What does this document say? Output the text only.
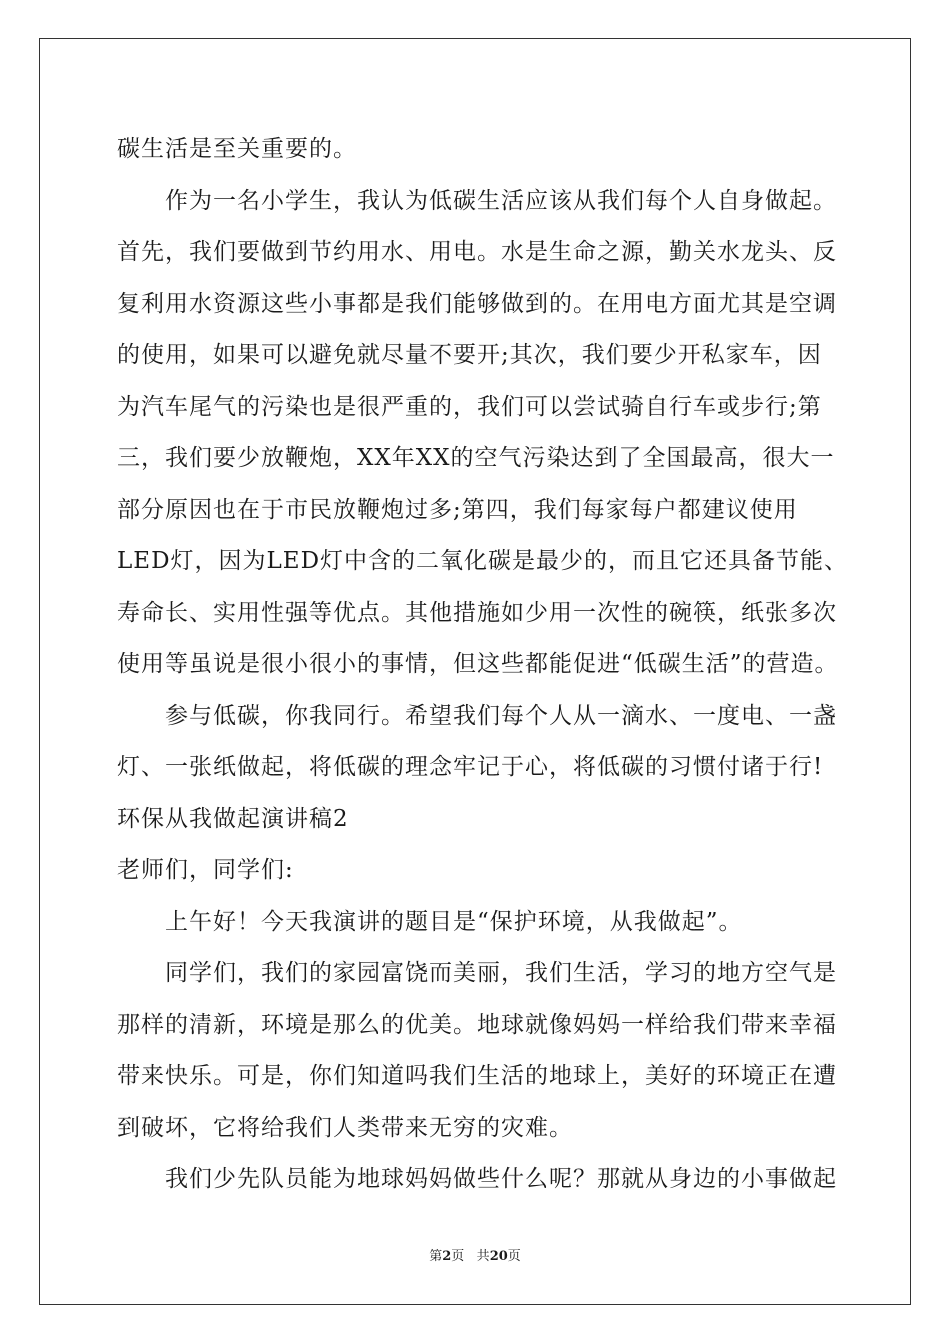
碳生活是至关重要的。
作为一名小学生，我认为低碳生活应该从我们每个人自身做起。
首先，我们要做到节约用水、用电。水是生命之源，勤关水龙头、反
复利用水资源这些小事都是我们能够做到的。在用电方面尤其是空调
的使用，如果可以避免就尽量不要开;其次，我们要少开私家车，因
为汽车尾气的污染也是很严重的，我们可以尝试骑自行车或步行;第
三，我们要少放鞭炮，XX年XX的空气污染达到了全国最高，很大一
部分原因也在于市民放鞭炮过多;第四，我们每家每户都建议使用
LED灯，因为LED灯中含的二氧化碳是最少的，而且它还具备节能、
寿命长、实用性强等优点。其他措施如少用一次性的碗筷，纸张多次
使用等虽说是很小很小的事情，但这些都能促进“低碳生活”的营造。
参与低碳，你我同行。希望我们每个人从一滴水、一度电、一盏
灯、一张纸做起，将低碳的理念牢记于心，将低碳的习惯付诸于行!
环保从我做起演讲稿2
老师们，同学们:
上午好！今天我演讲的题目是“保护环境，从我做起”。
同学们，我们的家园富饶而美丽，我们生活，学习的地方空气是
那样的清新，环境是那么的优美。地球就像妈妈一样给我们带来幸福
带来快乐。可是，你们知道吗我们生活的地球上，美好的环境正在遭
到破坏，它将给我们人类带来无穷的灾难。
我们少先队员能为地球妈妈做些什么呢？那就从身边的小事做起
第2页 共20页
